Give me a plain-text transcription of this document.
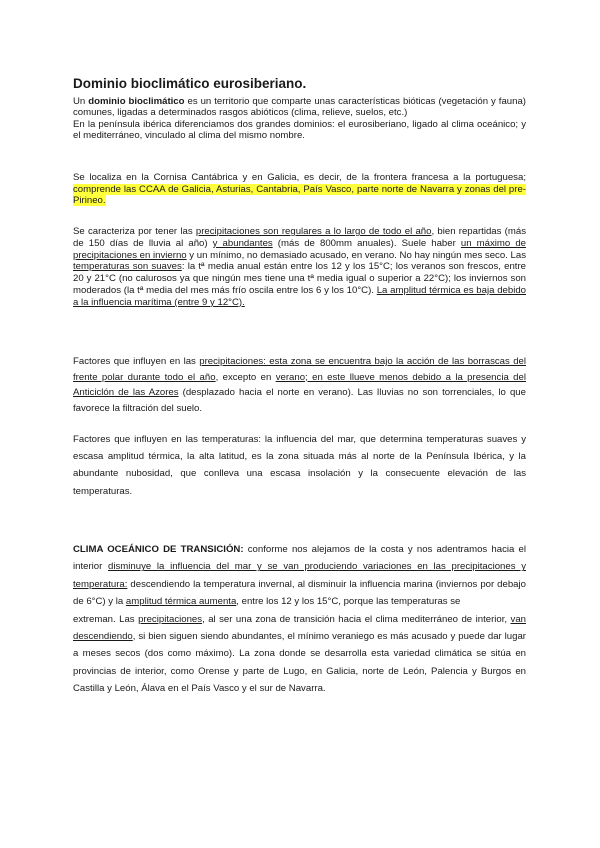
Dominio bioclimático eurosiberiano.

Un dominio bioclimático es un territorio que comparte unas características bióticas (vegetación y fauna) comunes, ligadas a determinados rasgos abióticos (clima, relieve, suelos, etc.)
En la península ibérica diferenciamos dos grandes dominios: el eurosiberiano, ligado al clima oceánico; y el mediterráneo, vinculado al clima del mismo nombre.

Se localiza en la Cornisa Cantábrica y en Galicia, es decir, de la frontera francesa a la portuguesa; comprende las CCAA de Galicia, Asturias, Cantabria, País Vasco, parte norte de Navarra y zonas del pre-Pirineo.

Se caracteriza por tener las precipitaciones son regulares a lo largo de todo el año, bien repartidas (más de 150 días de lluvia al año) y abundantes (más de 800mm anuales). Suele haber un máximo de precipitaciones en invierno y un mínimo, no demasiado acusado, en verano. No hay ningún mes seco. Las temperaturas son suaves: la tª media anual están entre los 12 y los 15°C; los veranos son frescos, entre 20 y 21°C (no calurosos ya que ningún mes tiene una tª media igual o superior a 22°C); los inviernos son moderados (la tª media del mes más frío oscila entre los 6 y los 10°C). La amplitud térmica es baja debido a la influencia marítima (entre 9 y 12°C).

Factores que influyen en las precipitaciones: esta zona se encuentra bajo la acción de las borrascas del frente polar durante todo el año, excepto en verano; en este llueve menos debido a la presencia del Anticiclón de las Azores (desplazado hacia el norte en verano). Las lluvias no son torrenciales, lo que favorece la filtración del suelo.

Factores que influyen en las temperaturas: la influencia del mar, que determina temperaturas suaves y escasa amplitud térmica, la alta latitud, es la zona situada más al norte de la Península Ibérica, y la abundante nubosidad, que conlleva una escasa insolación y la consecuente elevación de las temperaturas.

CLIMA OCEÁNICO DE TRANSICIÓN: conforme nos alejamos de la costa y nos adentramos hacia el interior disminuye la influencia del mar y se van produciendo variaciones en las precipitaciones y temperatura: descendiendo la temperatura invernal, al disminuir la influencia marina (inviernos por debajo de 6°C) y la amplitud térmica aumenta, entre los 12 y los 15°C, porque las temperaturas se
extreman. Las precipitaciones, al ser una zona de transición hacia el clima mediterráneo de interior, van descendiendo, si bien siguen siendo abundantes, el mínimo veraniego es más acusado y puede dar lugar a meses secos (dos como máximo). La zona donde se desarrolla esta variedad climática se sitúa en provincias de interior, como Orense y parte de Lugo, en Galicia, norte de León, Palencia y Burgos en Castilla y León, Álava en el País Vasco y el sur de Navarra.
